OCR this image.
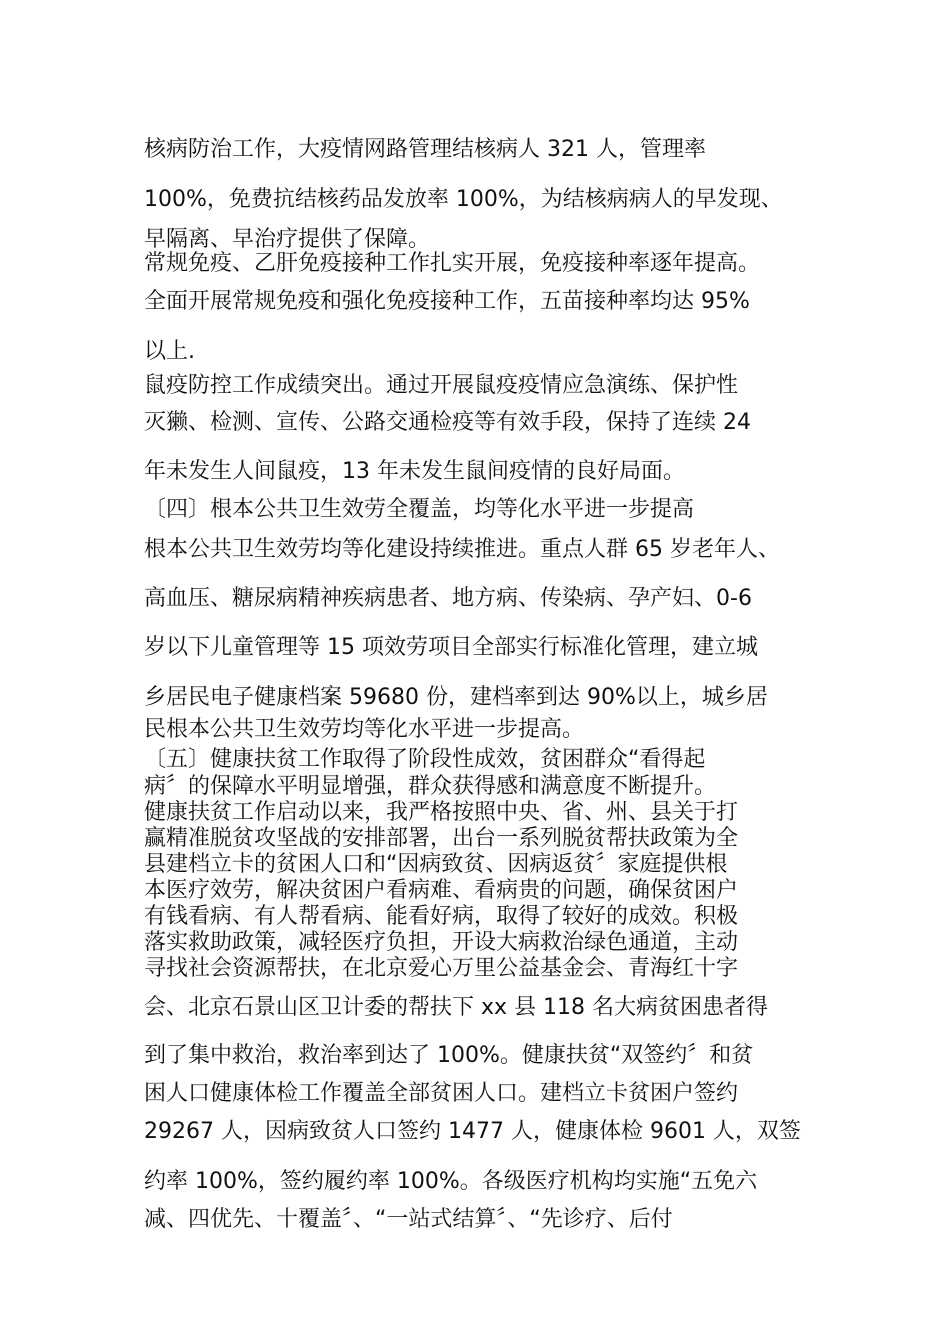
核病防治工作，大疫情网路管理结核病人 321 人，管理率
100%，免费抗结核药品发放率 100%，为结核病病人的早发现、
早隔离、早治疗提供了保障。
常规免疫、乙肝免疫接种工作扎实开展，免疫接种率逐年提高。
全面开展常规免疫和强化免疫接种工作，五苗接种率均达 95%
以上.
鼠疫防控工作成绩突出。通过开展鼠疫疫情应急演练、保护性
灭獭、检测、宣传、公路交通检疫等有效手段，保持了连续 24
年未发生人间鼠疫，13 年未发生鼠间疫情的良好局面。
〔四〕根本公共卫生效劳全覆盖，均等化水平进一步提高
根本公共卫生效劳均等化建设持续推进。重点人群 65 岁老年人、
高血压、糖尿病精神疾病患者、地方病、传染病、孕产妇、0-6
岁以下儿童管理等 15 项效劳项目全部实行标准化管理，建立城
乡居民电子健康档案 59680 份，建档率到达 90%以上，城乡居
民根本公共卫生效劳均等化水平进一步提高。
〔五〕健康扶贫工作取得了阶段性成效，贫困群众“看得起
病〞的保障水平明显增强，群众获得感和满意度不断提升。
健康扶贫工作启动以来，我严格按照中央、省、州、县关于打
赢精准脱贫攻坚战的安排部署，出台一系列脱贫帮扶政策为全
县建档立卡的贫困人口和“因病致贫、因病返贫〞家庭提供根
本医疗效劳，解决贫困户看病难、看病贵的问题，确保贫困户
有钱看病、有人帮看病、能看好病，取得了较好的成效。积极
落实救助政策，减轻医疗负担，开设大病救治绿色通道，主动
寻找社会资源帮扶，在北京爱心万里公益基金会、青海红十字
会、北京石景山区卫计委的帮扶下 xx 县 118 名大病贫困患者得
到了集中救治，救治率到达了 100%。健康扶贫“双签约〞和贫
困人口健康体检工作覆盖全部贫困人口。建档立卡贫困户签约
29267 人，因病致贫人口签约 1477 人，健康体检 9601 人，双签
约率 100%，签约履约率 100%。各级医疗机构均实施“五免六
减、四优先、十覆盖〞、“一站式结算〞、“先诊疗、后付
